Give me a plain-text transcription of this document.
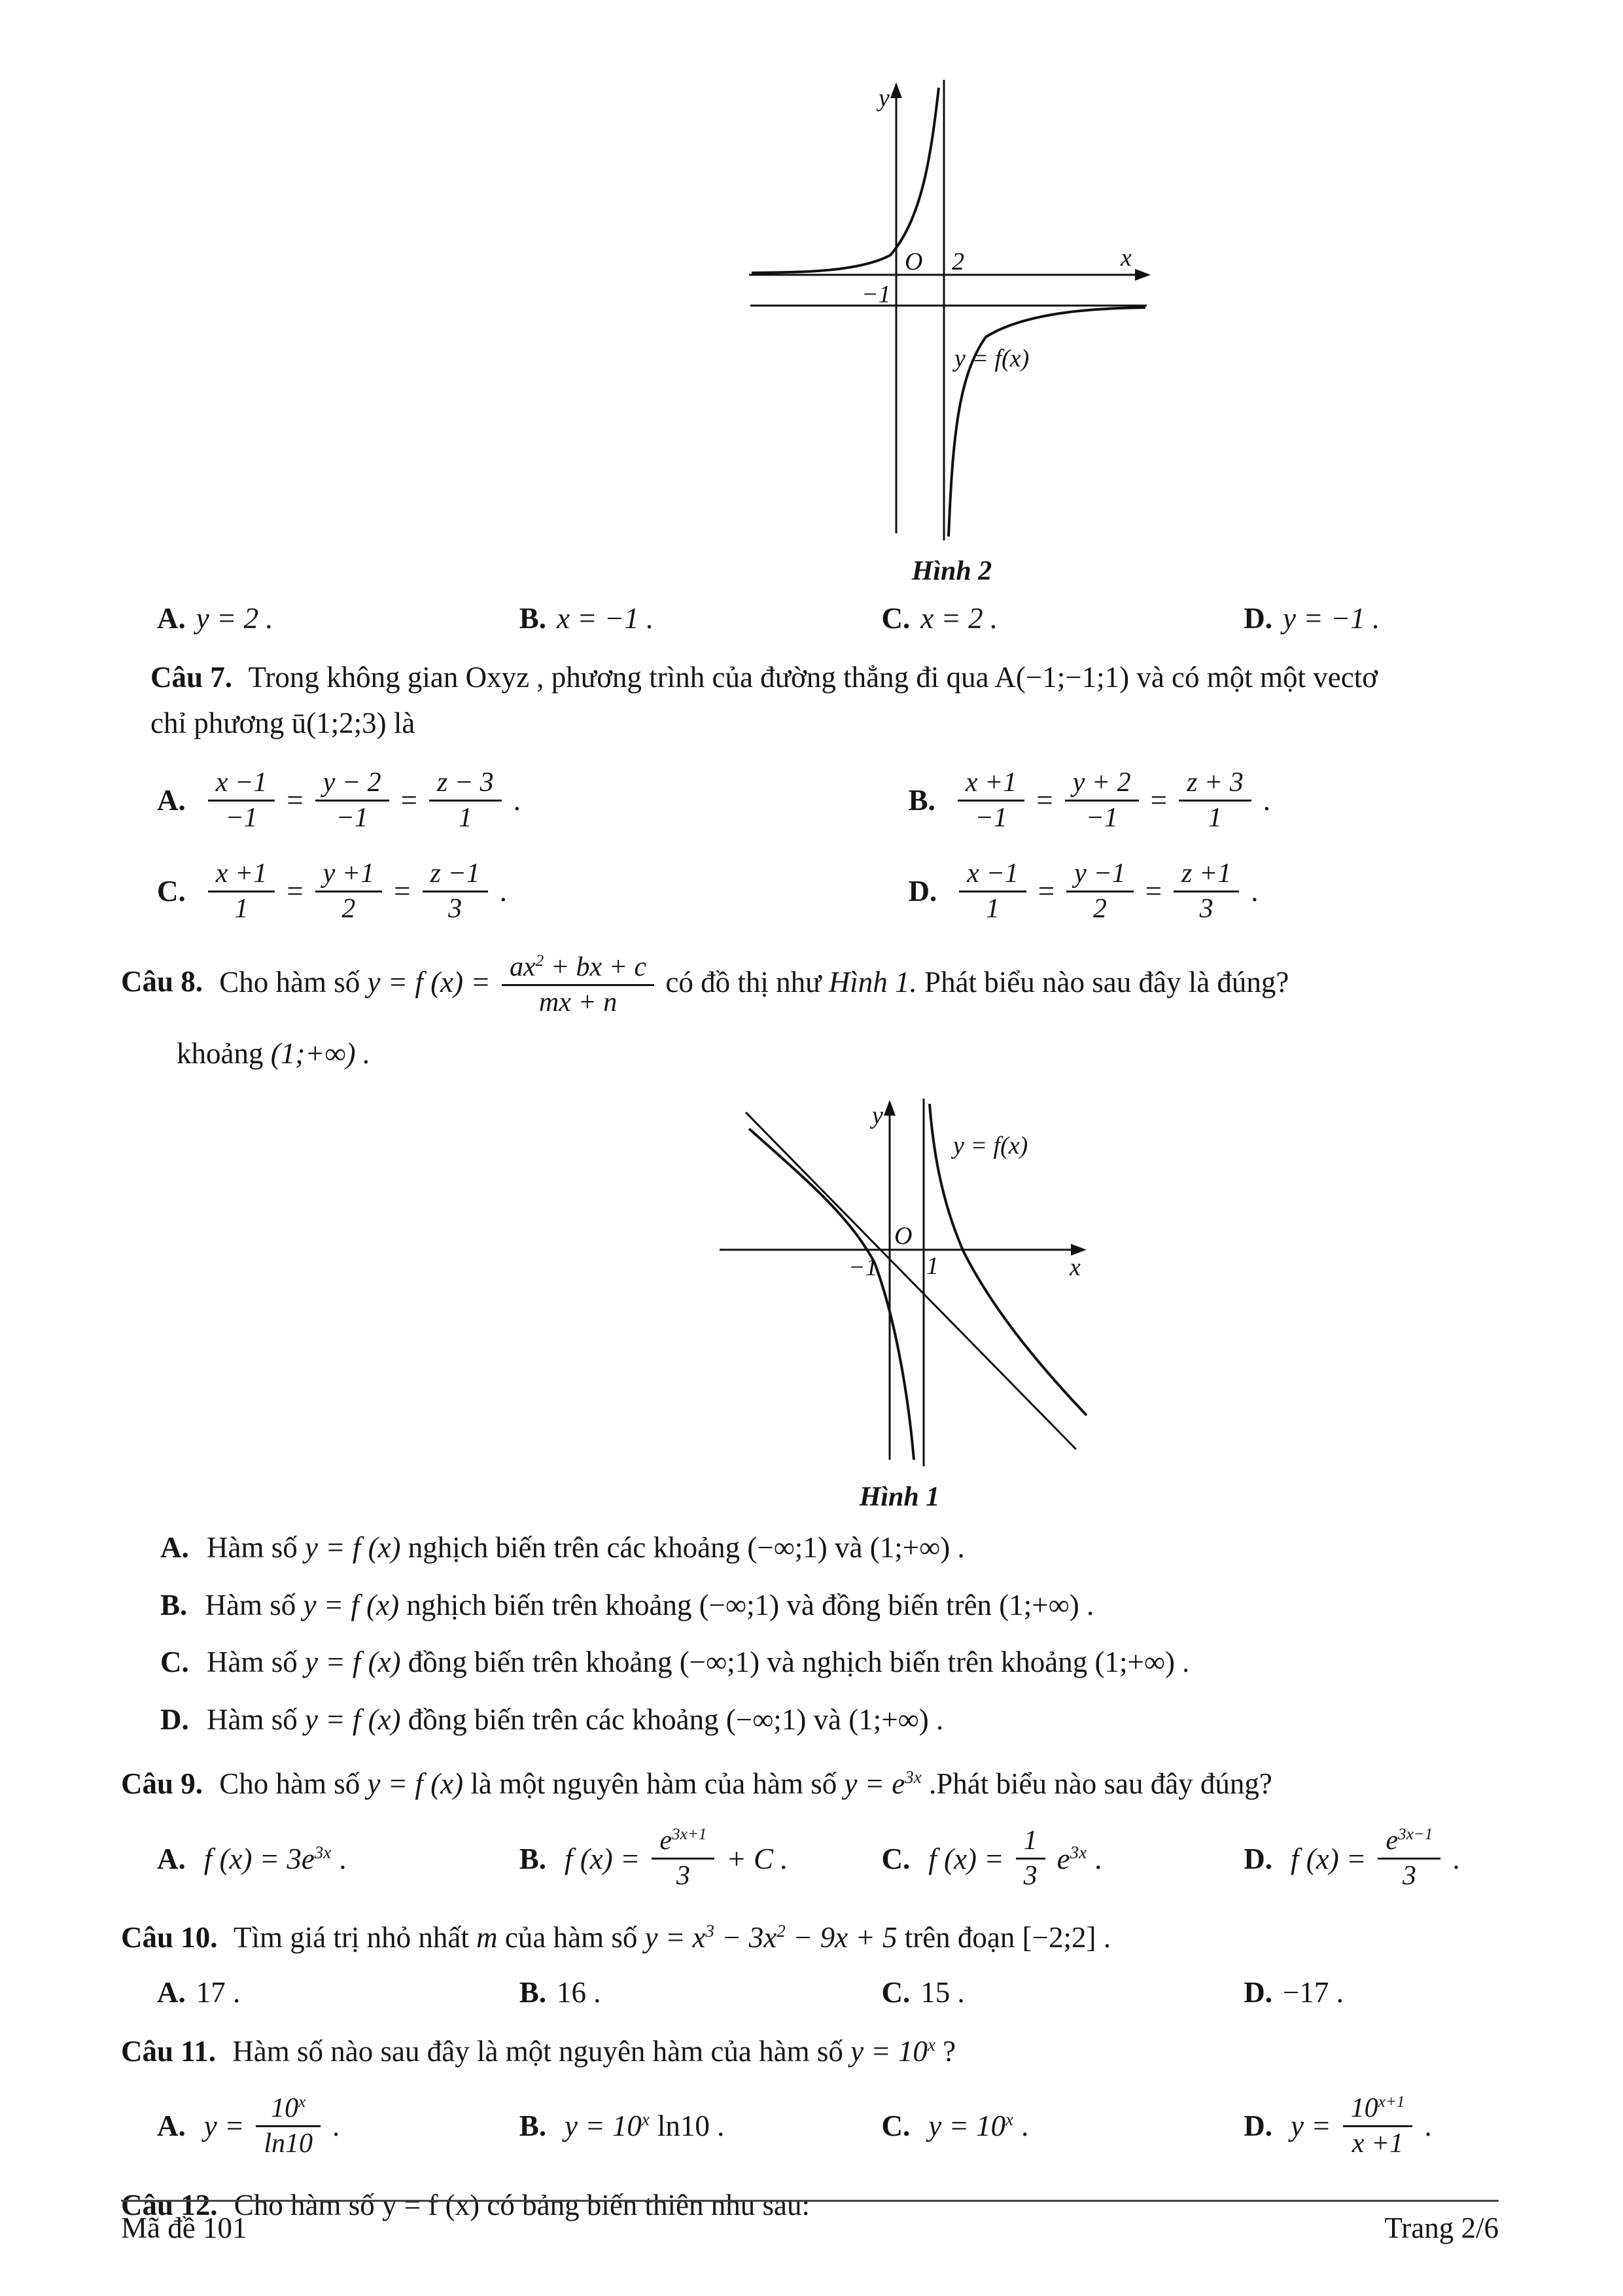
y
x
O 2
−1
y = f(x)
Hình 2
A. y = 2 .	B. x = −1 .	C. x = 2 .	D. y = −1 .
Câu 7. Trong không gian Oxyz , phương trình của đường thẳng đi qua A(−1;−1;1) và có một một vectơ
chỉ phương ū(1;2;3) là
A. $\frac{x -1}{-1} = \frac{y - 2}{-1} = \frac{z - 3}{1}$ .	B. $\frac{x +1}{-1} = \frac{y + 2}{-1} = \frac{z + 3}{1}$ .
C. $\frac{x +1}{1} = \frac{y +1}{2} = \frac{z -1}{3}$ .	D. $\frac{x -1}{1} = \frac{y -1}{2} = \frac{z +1}{3}$ .
Câu 8. Cho hàm số y = f $(x) = \frac{ax^2 + bx + c}{mx + n}$ có đồ thị như Hình 1. Phát biểu nào sau đây là đúng?
khoảng (1;+∞) .
y
x
O
1
−1
y = f(x)
Hình 1
A. Hàm số y = f (x) nghịch biến trên các khoảng (−∞;1) và (1;+∞) .
B. Hàm số y = f (x) nghịch biến trên khoảng (−∞;1) và đồng biến trên (1;+∞) .
C. Hàm số y = f (x) đồng biến trên khoảng (−∞;1) và nghịch biến trên khoảng (1;+∞) .
D. Hàm số y = f (x) đồng biến trên các khoảng (−∞;1) và (1;+∞) .
Câu 9. Cho hàm số y = f (x) là một nguyên hàm của hàm số $y = e^{3x}$ .Phát biểu nào sau đây đúng?
A. f $(x) = 3e^{3x}$ .	B. f $(x) = \frac{e^{3x+1}}{3} + C$ .	C. f $(x) = \frac{1}{3} e^{3x}$ .	D. f $(x) = \frac{e^{3x-1}}{3}$ .
Câu 10. Tìm giá trị nhỏ nhất m của hàm số $y = x^3 - 3x^2 - 9x + 5$ trên đoạn [−2;2] .
A. 17 .	B. 16 .	C. 15 .	D. −17 .
Câu 11. Hàm số nào sau đây là một nguyên hàm của hàm số $y = 10^x$ ?
A. $y = \frac{10^x}{\ln 10}$ .	B. $y = 10^x$ ln10 .	C. $y = 10^x$ .	D. $y = \frac{10^{x+1}}{x +1}$ .
Câu 12. Cho hàm số y = f (x) có bảng biến thiên nhu sau:
Mã đề 101	Trang 2/6
